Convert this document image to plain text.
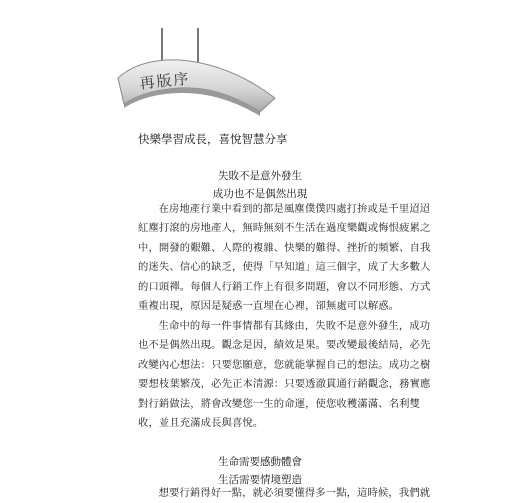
再版序
快樂學習成長，喜悅智慧分享
失敗不是意外發生
成功也不是偶然出現
在房地產行業中看到的都是風塵僕僕四處打拚或是千里迢迢
紅塵打滾的房地產人，無時無刻不生活在過度樂觀或悔恨疲累之
中，開發的艱難、人際的複雜、快樂的難得、挫折的頻繁、自我
的迷失、信心的缺乏，使得「早知道」這三個字，成了大多數人
的口頭禪。每個人行銷工作上有很多問題，會以不同形態、方式
重複出現，原因是疑惑一直埋在心裡，卻無處可以解惑。
生命中的每一件事情都有其緣由，失敗不是意外發生，成功
也不是偶然出現。觀念是因，績效是果。要改變最後結局，必先
改變內心想法：只要您願意，您就能掌握自己的想法。成功之樹
要想枝葉繁茂，必先正本清源：只要透澈貫通行銷觀念，務實應
對行銷做法，將會改變您一生的命運，使您收穫滿滿、名利雙
收，並且充滿成長與喜悅。
生命需要感動體會
生活需要情境塑造
想要行銷得好一點，就必須要懂得多一點，這時候，我們就
